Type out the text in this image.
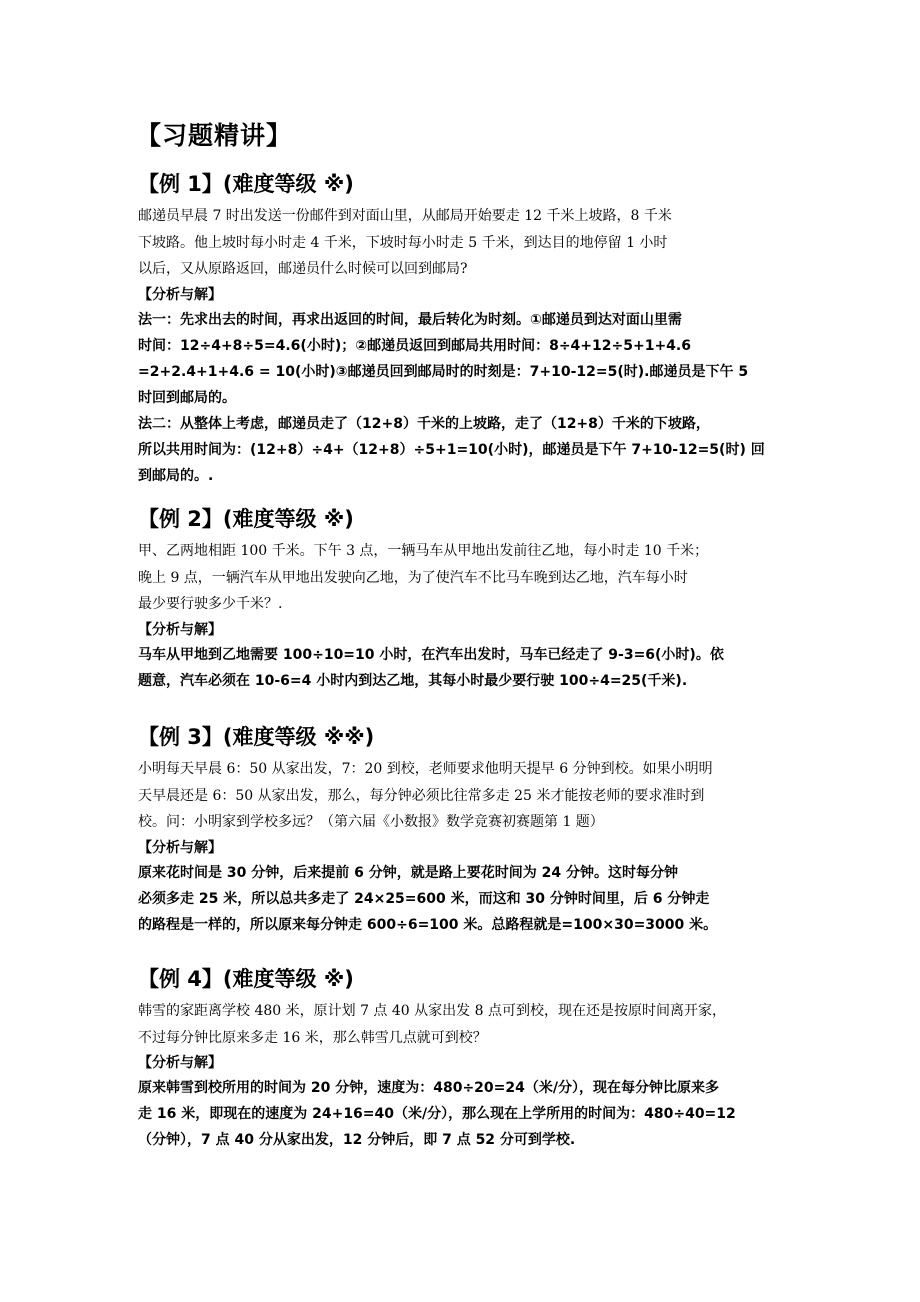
【习题精讲】
【例 1】(难度等级 ※)

邮递员早晨 7 时出发送一份邮件到对面山里，从邮局开始要走 12 千米上坡路，8 千米
下坡路。他上坡时每小时走 4 千米，下坡时每小时走 5 千米，到达目的地停留 1 小时
以后，又从原路返回，邮递员什么时候可以回到邮局?

【分析与解】

法一：先求出去的时间，再求出返回的时间，最后转化为时刻。①邮递员到达对面山里需
时间：12÷4+8÷5=4.6(小时)；②邮递员返回到邮局共用时间：8÷4+12÷5+1+4.6
=2+2.4+1+4.6 = 10(小时)③邮递员回到邮局时的时刻是：7+10-12=5(时).邮递员是下午 5
时回到邮局的。
法二：从整体上考虑，邮递员走了（12+8）千米的上坡路，走了（12+8）千米的下坡路，
所以共用时间为：(12+8）÷4+（12+8）÷5+1=10(小时)，邮递员是下午 7+10-12=5(时) 回
到邮局的。.

【例 2】(难度等级 ※)

甲、乙两地相距 100 千米。下午 3 点，一辆马车从甲地出发前往乙地，每小时走 10 千米；
晚上 9 点，一辆汽车从甲地出发驶向乙地，为了使汽车不比马车晚到达乙地，汽车每小时
最少要行驶多少千米？.

【分析与解】

马车从甲地到乙地需要 100÷10=10 小时，在汽车出发时，马车已经走了 9-3=6(小时)。依
题意，汽车必须在 10-6=4 小时内到达乙地，其每小时最少要行驶 100÷4=25(千米).

【例 3】(难度等级 ※※)

小明每天早晨 6：50 从家出发，7：20 到校，老师要求他明天提早 6 分钟到校。如果小明明
天早晨还是 6：50 从家出发，那么，每分钟必须比往常多走 25 米才能按老师的要求准时到
校。问：小明家到学校多远？（第六届《小数报》数学竞赛初赛题第 1 题）

【分析与解】

原来花时间是 30 分钟，后来提前 6 分钟，就是路上要花时间为 24 分钟。这时每分钟
必须多走 25 米，所以总共多走了 24×25=600 米，而这和 30 分钟时间里，后 6 分钟走
的路程是一样的，所以原来每分钟走 600÷6=100 米。总路程就是=100×30=3000 米。

【例 4】(难度等级 ※)

韩雪的家距离学校 480 米，原计划 7 点 40 从家出发 8 点可到校，现在还是按原时间离开家，
不过每分钟比原来多走 16 米，那么韩雪几点就可到校？

【分析与解】

原来韩雪到校所用的时间为 20 分钟，速度为：480÷20=24（米/分），现在每分钟比原来多
走 16 米，即现在的速度为 24+16=40（米/分），那么现在上学所用的时间为：480÷40=12
（分钟），7 点 40 分从家出发，12 分钟后，即 7 点 52 分可到学校.
